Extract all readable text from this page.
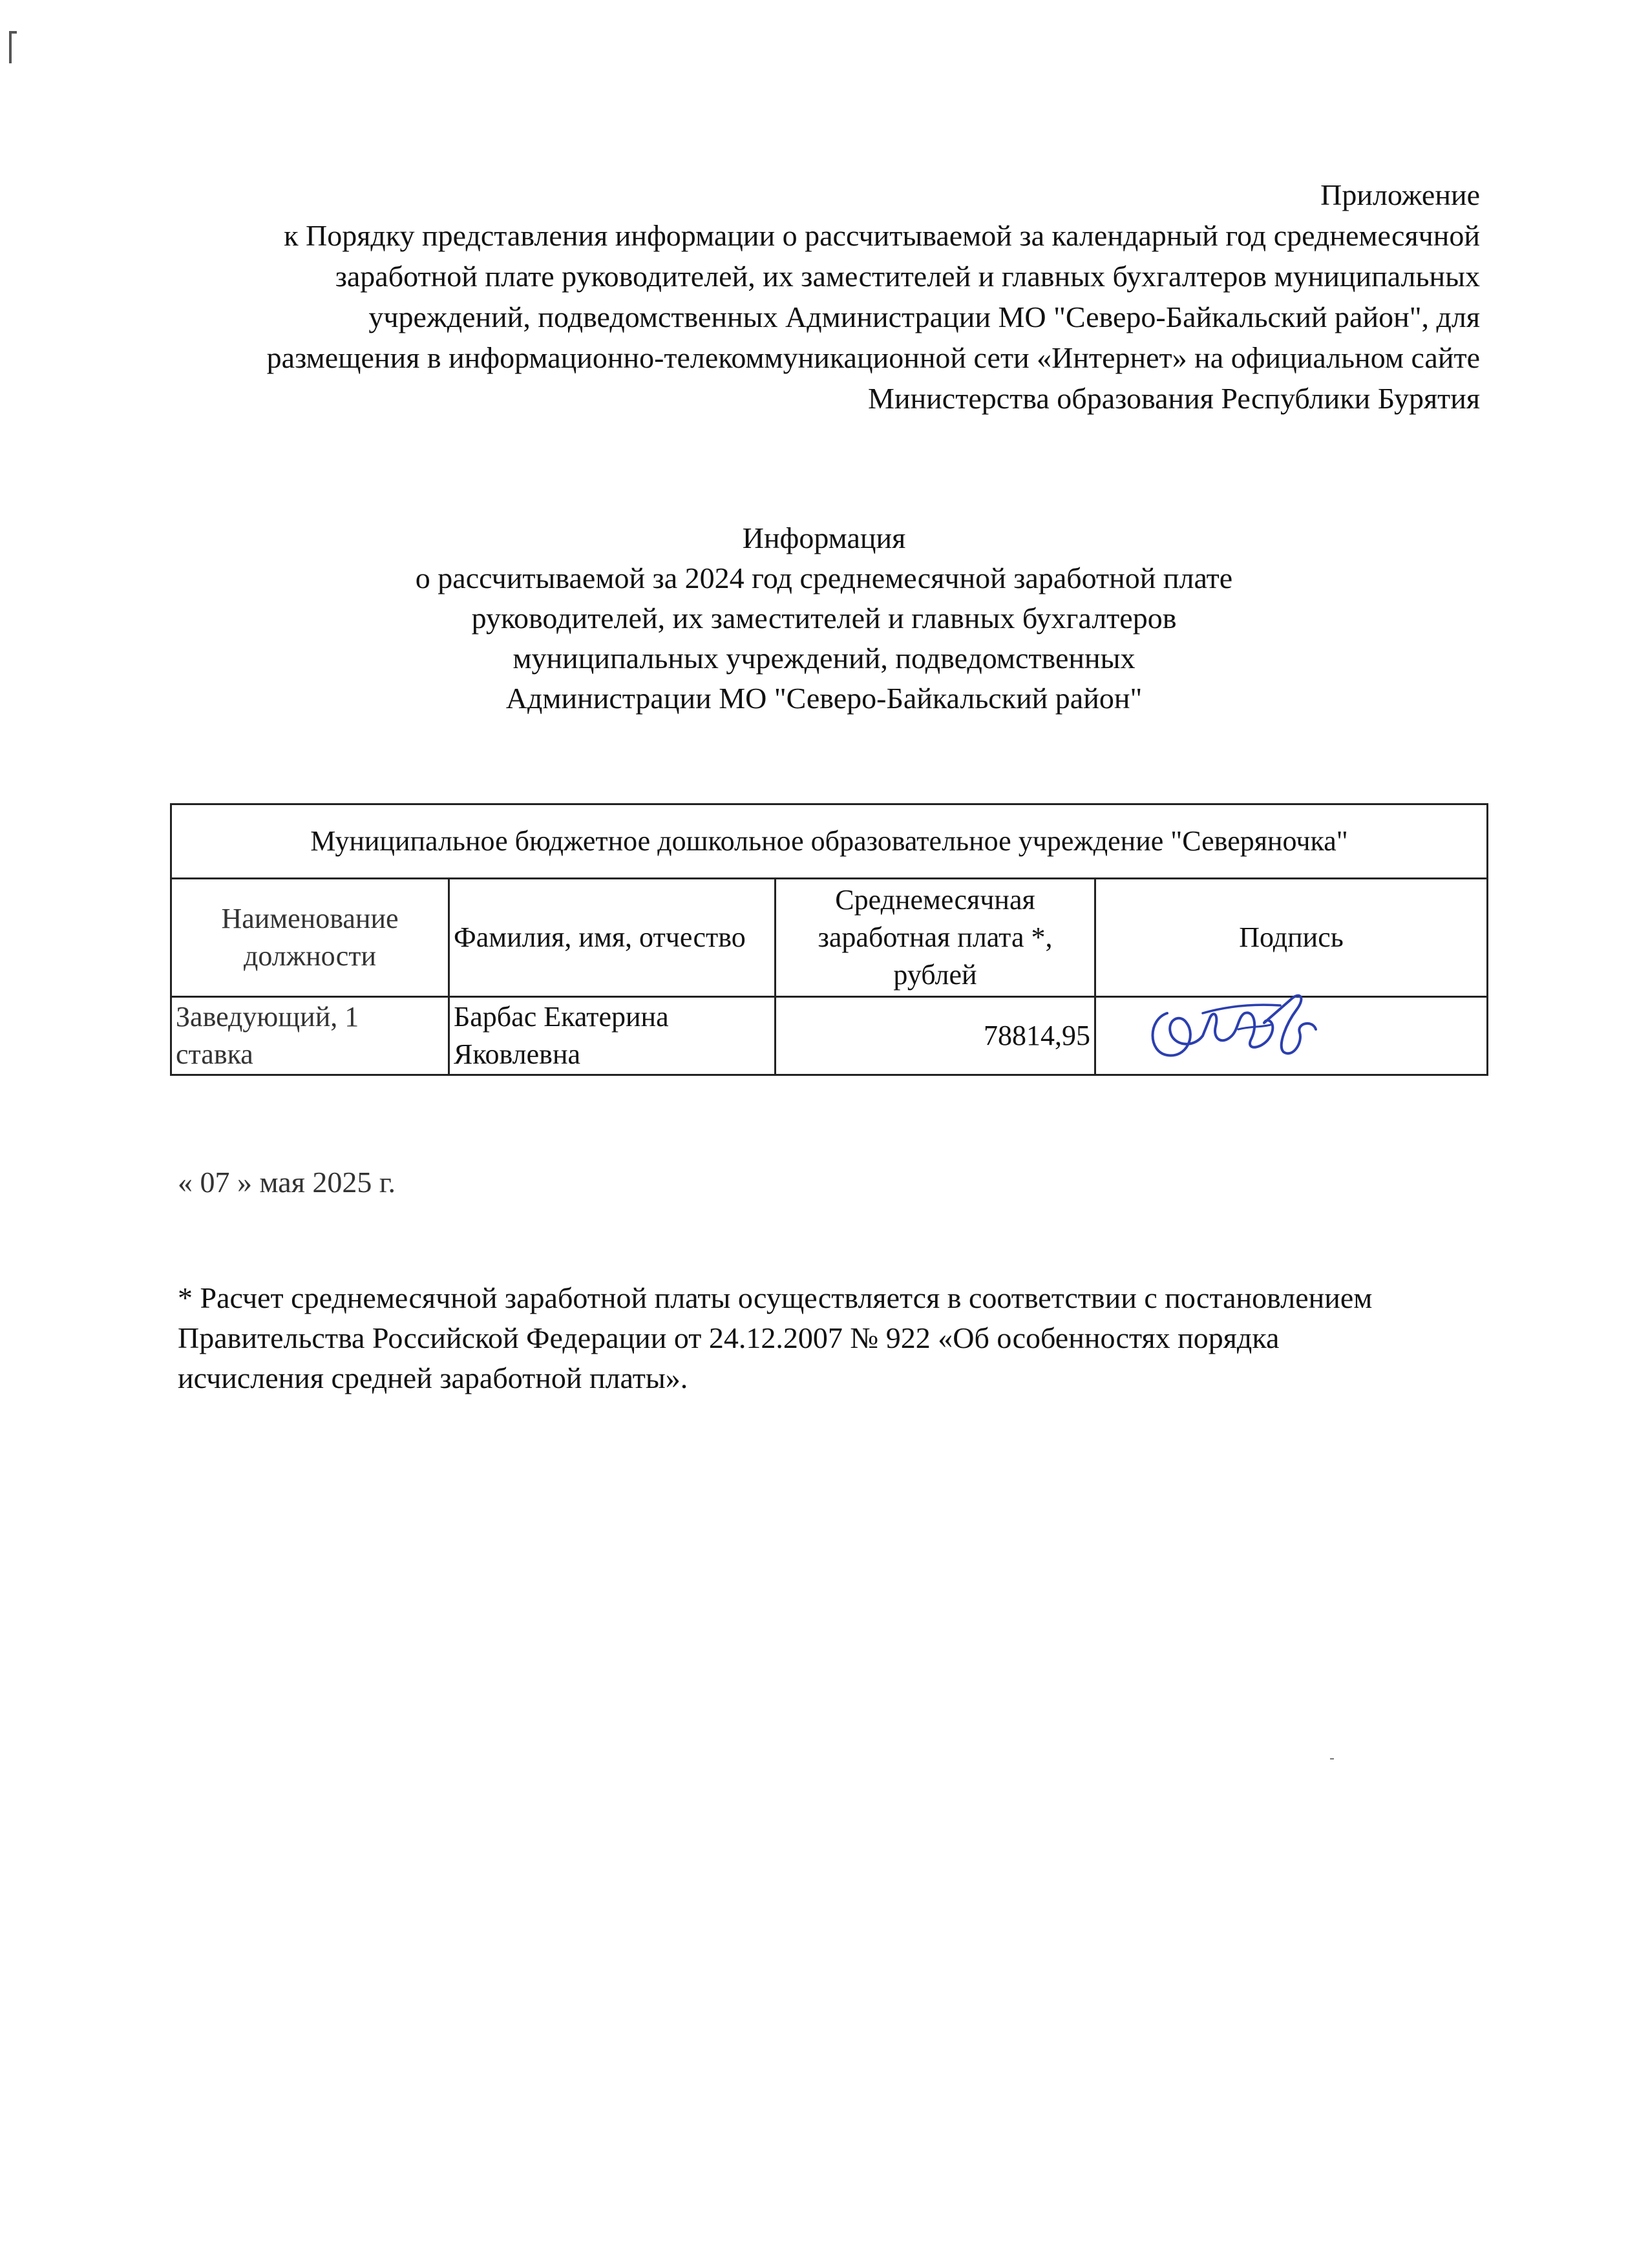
Приложение

к Порядку представления информации о рассчитываемой за календарный год среднемесячной

заработной плате руководителей, их заместителей и главных бухгалтеров муниципальных

учреждений, подведомственных Администрации МО "Северо-Байкальский район", для

размещения в информационно-телекоммуникационной сети «Интернет» на официальном сайте

Министерства образования Республики Бурятия

Информация

о рассчитываемой за 2024 год среднемесячной заработной плате

руководителей, их заместителей и главных бухгалтеров

муниципальных учреждений, подведомственных

Администрации МО "Северо-Байкальский район"

Муниципальное бюджетное дошкольное образовательное учреждение "Северяночка"			
Наименование
должности	Фамилия, имя, отчество	Среднемесячная
заработная плата *,
рублей	Подпись
Заведующий, 1
ставка	Барбас Екатерина
Яковлевна	78814,95	
« 07 » мая 2025 г.

* Расчет среднемесячной заработной платы осуществляется в соответствии с постановлением

Правительства Российской Федерации от 24.12.2007 № 922 «Об особенностях порядка

исчисления средней заработной платы».
